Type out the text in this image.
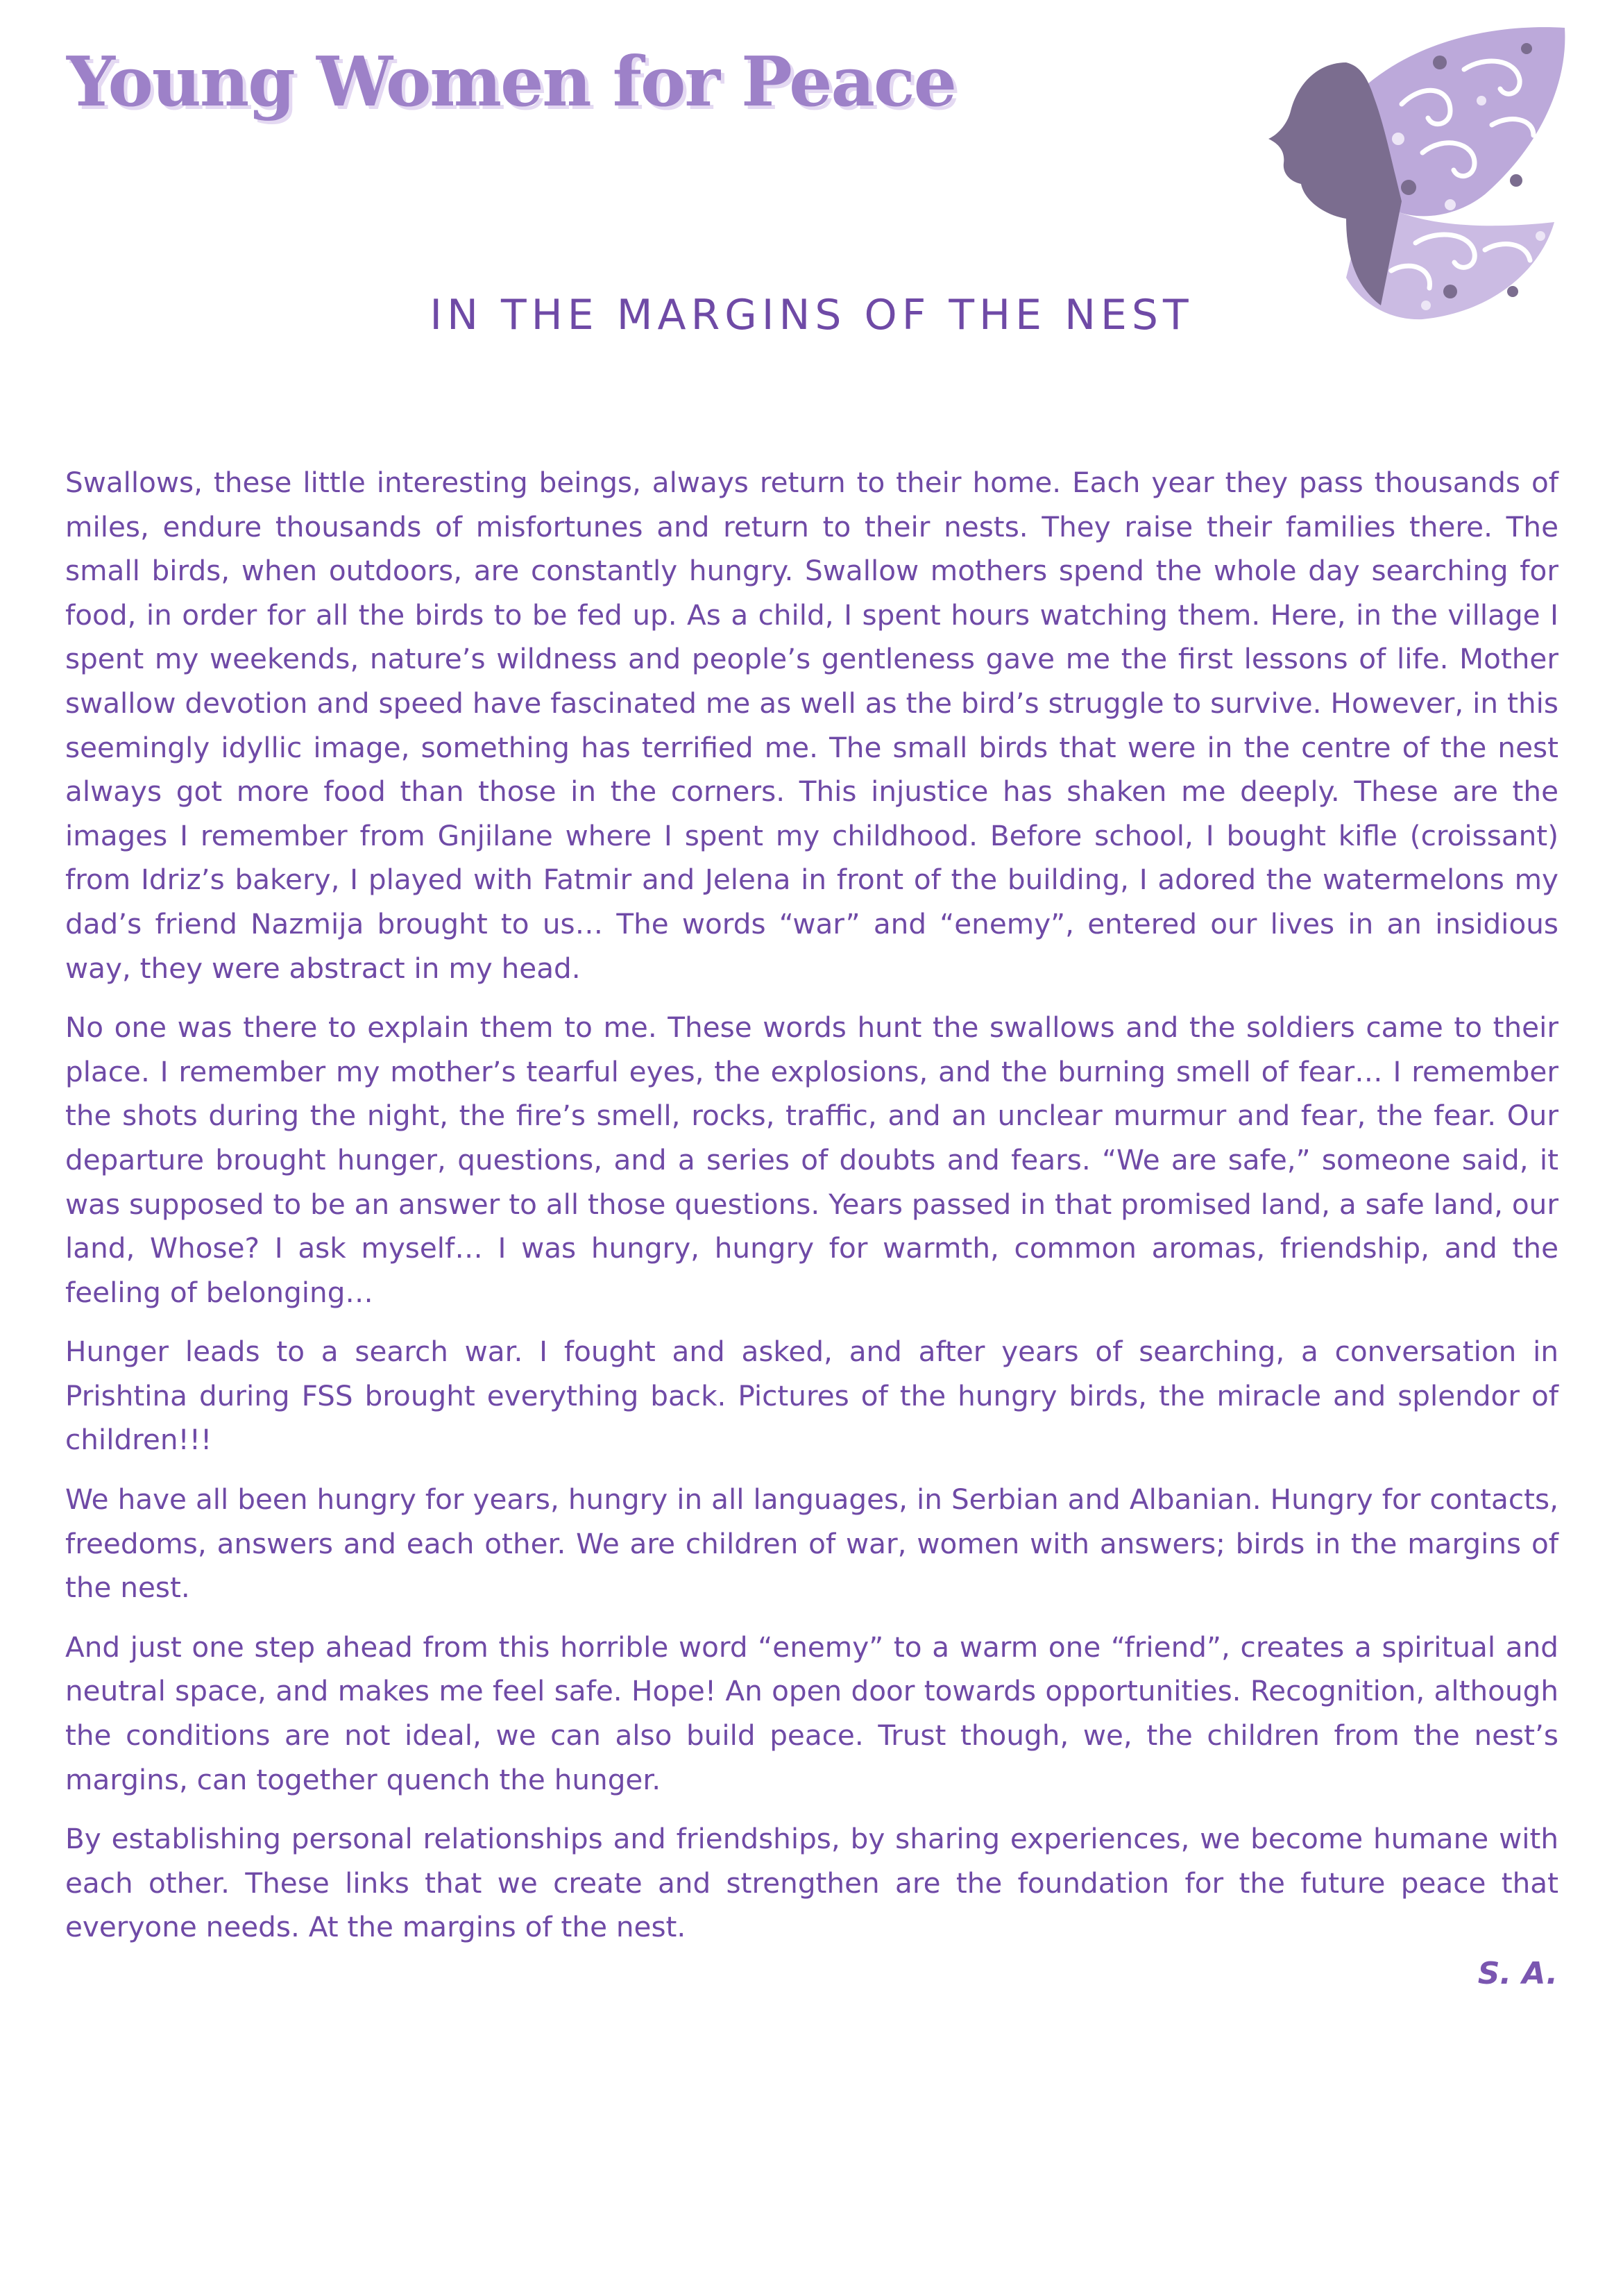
Young Women for Peace
IN THE MARGINS OF THE NEST

Swallows, these little interesting beings, always return to their home. Each year they pass thousands of miles, endure thousands of misfortunes and return to their nests. They raise their families there. The small birds, when outdoors, are constantly hungry. Swallow mothers spend the whole day searching for food, in order for all the birds to be fed up. As a child, I spent hours watching them. Here, in the village I spent my weekends, nature’s wildness and people’s gentleness gave me the first lessons of life. Mother swallow devotion and speed have fascinated me as well as the bird’s struggle to survive. However, in this seemingly idyllic image, something has terrified me. The small birds that were in the centre of the nest always got more food than those in the corners. This injustice has shaken me deeply. These are the images I remember from Gnjilane where I spent my childhood. Before school, I bought kifle (croissant) from Idriz’s bakery, I played with Fatmir and Jelena in front of the building, I adored the watermelons my dad’s friend Nazmija brought to us… The words “war” and “enemy”, entered our lives in an insidious way, they were abstract in my head.

No one was there to explain them to me. These words hunt the swallows and the soldiers came to their place. I remember my mother’s tearful eyes, the explosions, and the burning smell of fear… I remember the shots during the night, the fire’s smell, rocks, traffic, and an unclear murmur and fear, the fear. Our departure brought hunger, questions, and a series of doubts and fears. “We are safe,” someone said, it was supposed to be an answer to all those questions. Years passed in that promised land, a safe land, our land, Whose? I ask myself… I was hungry, hungry for warmth, common aromas, friendship, and the feeling of belonging…

Hunger leads to a search war. I fought and asked, and after years of searching, a conversation in Prishtina during FSS brought everything back. Pictures of the hungry birds, the miracle and splendor of children!!!

We have all been hungry for years, hungry in all languages, in Serbian and Albanian. Hungry for contacts, freedoms, answers and each other. We are children of war, women with answers; birds in the margins of the nest.

And just one step ahead from this horrible word “enemy” to a warm one “friend”, creates a spiritual and neutral space, and makes me feel safe. Hope! An open door towards opportunities. Recognition, although the conditions are not ideal, we can also build peace. Trust though, we, the children from the nest’s margins, can together quench the hunger.

By establishing personal relationships and friendships, by sharing experiences, we become humane with each other. These links that we create and strengthen are the foundation for the future peace that everyone needs. At the margins of the nest.

S. A.
